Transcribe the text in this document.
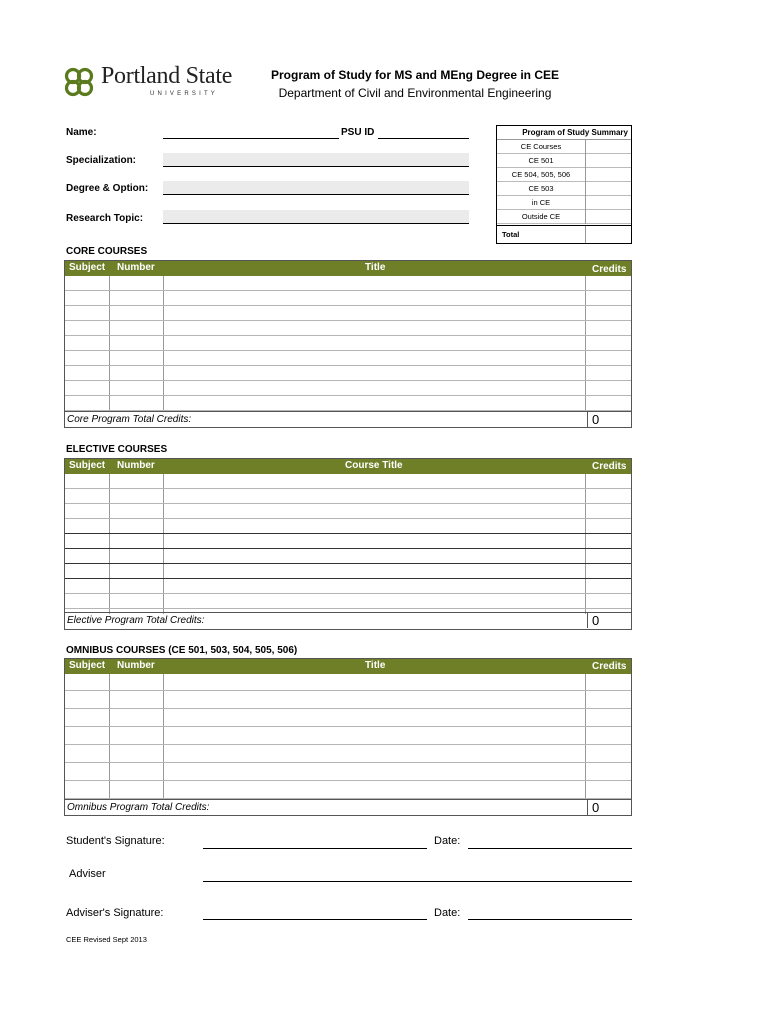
Portland State
UNIVERSITY
Program of Study for MS and MEng Degree in CEE
Department of Civil and Environmental Engineering
Name:	PSU ID
Specialization:
Degree & Option:
Research Topic:
Program of Study Summary
CE Courses
CE 501
CE 504, 505, 506
CE 503
in CE
Outside CE
Total
CORE COURSES
Subject Number	Title	Credits
Core Program Total Credits:	0
ELECTIVE COURSES
Subject Number	Course Title	Credits
Elective Program Total Credits:	0
OMNIBUS COURSES (CE 501, 503, 504, 505, 506)
Subject Number	Title	Credits
Omnibus Program Total Credits:	0
Student's Signature:	Date:
Adviser
Adviser's Signature:	Date:
CEE Revised Sept 2013
